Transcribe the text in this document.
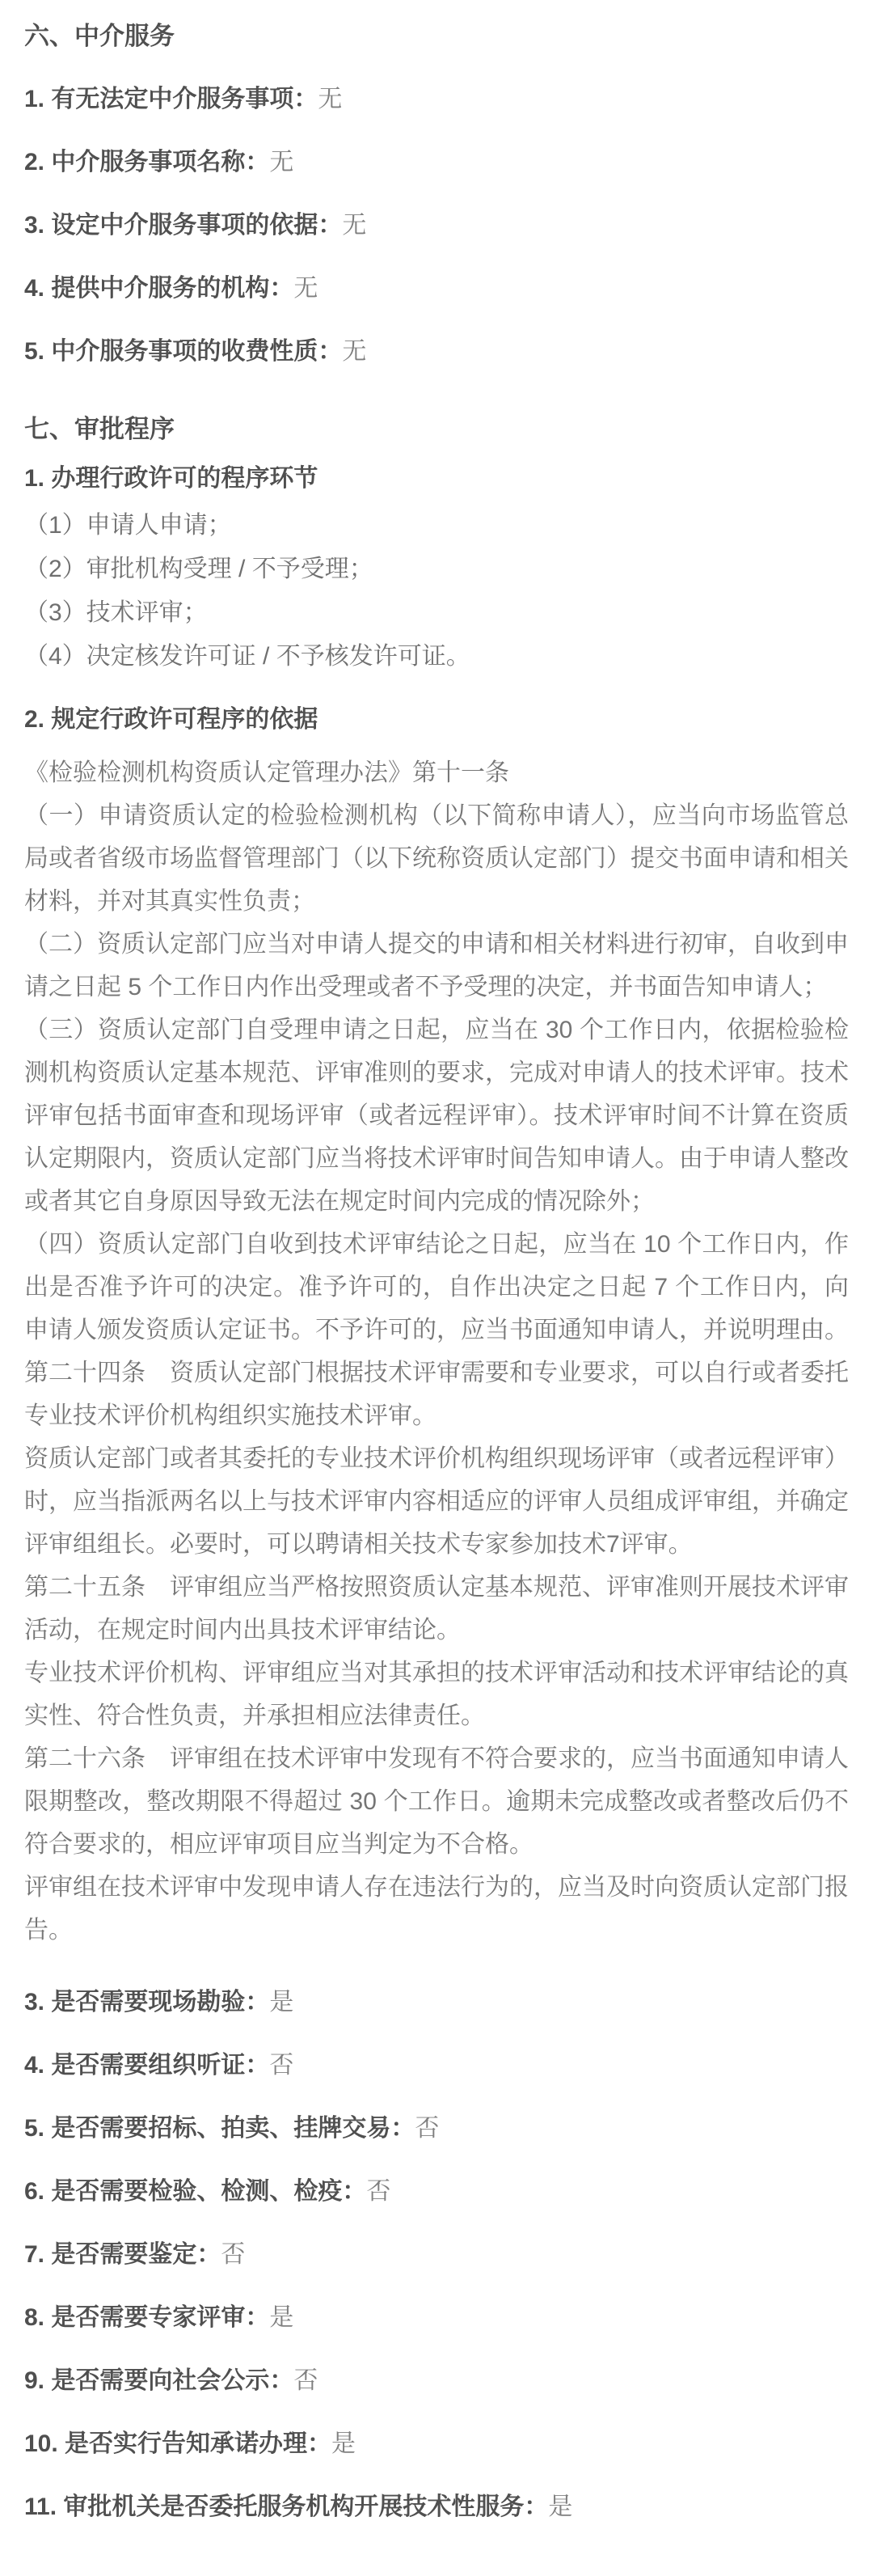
六、中介服务
1. 有无法定中介服务事项：无
2. 中介服务事项名称：无
3. 设定中介服务事项的依据：无
4. 提供中介服务的机构：无
5. 中介服务事项的收费性质：无
七、审批程序
1. 办理行政许可的程序环节
（1）申请人申请；
（2）审批机构受理 / 不予受理；
（3）技术评审；
（4）决定核发许可证 / 不予核发许可证。
2. 规定行政许可程序的依据

《检验检测机构资质认定管理办法》第十一条

（一）申请资质认定的检验检测机构（以下简称申请人），应当向市场监管总局或者省级市场监督管理部门（以下统称资质认定部门）提交书面申请和相关材料，并对其真实性负责；

（二）资质认定部门应当对申请人提交的申请和相关材料进行初审，自收到申请之日起 5 个工作日内作出受理或者不予受理的决定，并书面告知申请人；

（三）资质认定部门自受理申请之日起，应当在 30 个工作日内，依据检验检测机构资质认定基本规范、评审准则的要求，完成对申请人的技术评审。技术评审包括书面审查和现场评审（或者远程评审）。技术评审时间不计算在资质认定期限内，资质认定部门应当将技术评审时间告知申请人。由于申请人整改或者其它自身原因导致无法在规定时间内完成的情况除外；

（四）资质认定部门自收到技术评审结论之日起，应当在 10 个工作日内，作出是否准予许可的决定。准予许可的，自作出决定之日起 7 个工作日内，向申请人颁发资质认定证书。不予许可的，应当书面通知申请人，并说明理由。

第二十四条　资质认定部门根据技术评审需要和专业要求，可以自行或者委托专业技术评价机构组织实施技术评审。

资质认定部门或者其委托的专业技术评价机构组织现场评审（或者远程评审）时，应当指派两名以上与技术评审内容相适应的评审人员组成评审组，并确定评审组组长。必要时，可以聘请相关技术专家参加技术7评审。

第二十五条　评审组应当严格按照资质认定基本规范、评审准则开展技术评审活动，在规定时间内出具技术评审结论。

专业技术评价机构、评审组应当对其承担的技术评审活动和技术评审结论的真实性、符合性负责，并承担相应法律责任。

第二十六条　评审组在技术评审中发现有不符合要求的，应当书面通知申请人限期整改，整改期限不得超过 30 个工作日。逾期未完成整改或者整改后仍不符合要求的，相应评审项目应当判定为不合格。

评审组在技术评审中发现申请人存在违法行为的，应当及时向资质认定部门报告。

3. 是否需要现场勘验：是
4. 是否需要组织听证：否
5. 是否需要招标、拍卖、挂牌交易：否
6. 是否需要检验、检测、检疫：否
7. 是否需要鉴定：否
8. 是否需要专家评审：是
9. 是否需要向社会公示：否
10. 是否实行告知承诺办理：是
11. 审批机关是否委托服务机构开展技术性服务：是
